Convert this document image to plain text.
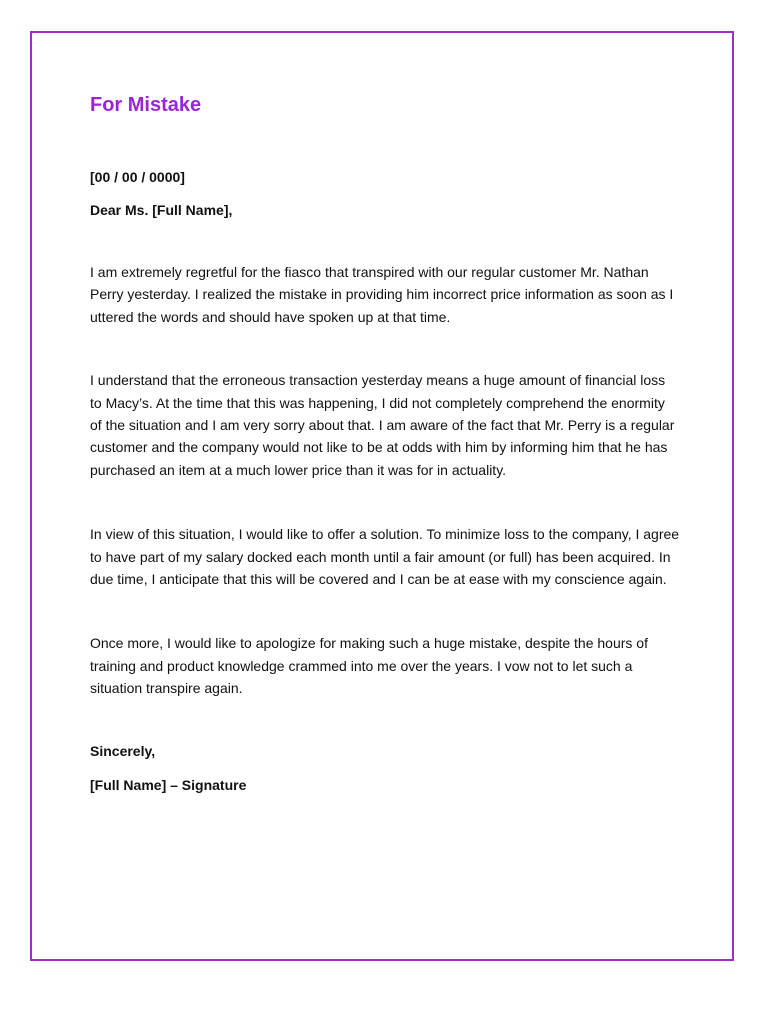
For Mistake
[00 / 00 / 0000]
Dear Ms. [Full Name],

I am extremely regretful for the fiasco that transpired with our regular customer Mr. Nathan Perry yesterday. I realized the mistake in providing him incorrect price information as soon as I uttered the words and should have spoken up at that time.

I understand that the erroneous transaction yesterday means a huge amount of financial loss to Macy’s. At the time that this was happening, I did not completely comprehend the enormity of the situation and I am very sorry about that. I am aware of the fact that Mr. Perry is a regular customer and the company would not like to be at odds with him by informing him that he has purchased an item at a much lower price than it was for in actuality.

In view of this situation, I would like to offer a solution. To minimize loss to the company, I agree to have part of my salary docked each month until a fair amount (or full) has been acquired. In due time, I anticipate that this will be covered and I can be at ease with my conscience again.

Once more, I would like to apologize for making such a huge mistake, despite the hours of training and product knowledge crammed into me over the years. I vow not to let such a situation transpire again.

Sincerely,
[Full Name] – Signature
